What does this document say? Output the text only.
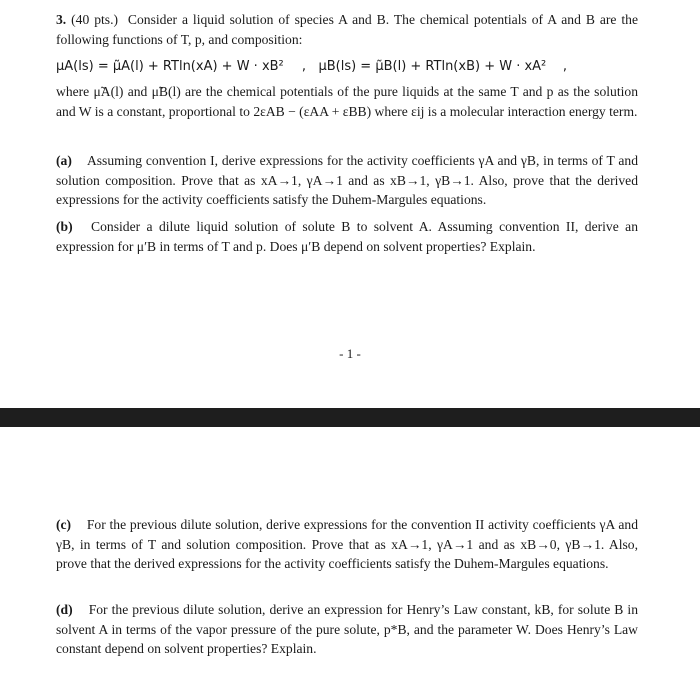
3. (40 pts.) Consider a liquid solution of species A and B. The chemical potentials of A and B are the following functions of T, p, and composition:

μA(ls) = μ̃A(l) + RTln(xA) + W · xB² ,   μB(ls) = μ̃B(l) + RTln(xB) + W · xA²    ,

where μ̃A(l) and μ̃B(l) are the chemical potentials of the pure liquids at the same T and p as the solution and W is a constant, proportional to 2εAB − (εAA + εBB) where εij is a molecular interaction energy term.

(a) Assuming convention I, derive expressions for the activity coefficients γA and γB, in terms of T and solution composition. Prove that as xA→1, γA→1 and as xB→1, γB→1. Also, prove that the derived expressions for the activity coefficients satisfy the Duhem-Margules equations.

(b) Consider a dilute liquid solution of solute B to solvent A. Assuming convention II, derive an expression for μ′B in terms of T and p. Does μ′B depend on solvent properties? Explain.

- 1 -

(c) For the previous dilute solution, derive expressions for the convention II activity coefficients γA and γB, in terms of T and solution composition. Prove that as xA→1, γA→1 and as xB→0, γB→1. Also, prove that the derived expressions for the activity coefficients satisfy the Duhem-Margules equations.

(d) For the previous dilute solution, derive an expression for Henry’s Law constant, kB, for solute B in solvent A in terms of the vapor pressure of the pure solute, p*B, and the parameter W. Does Henry’s Law constant depend on solvent properties? Explain.
